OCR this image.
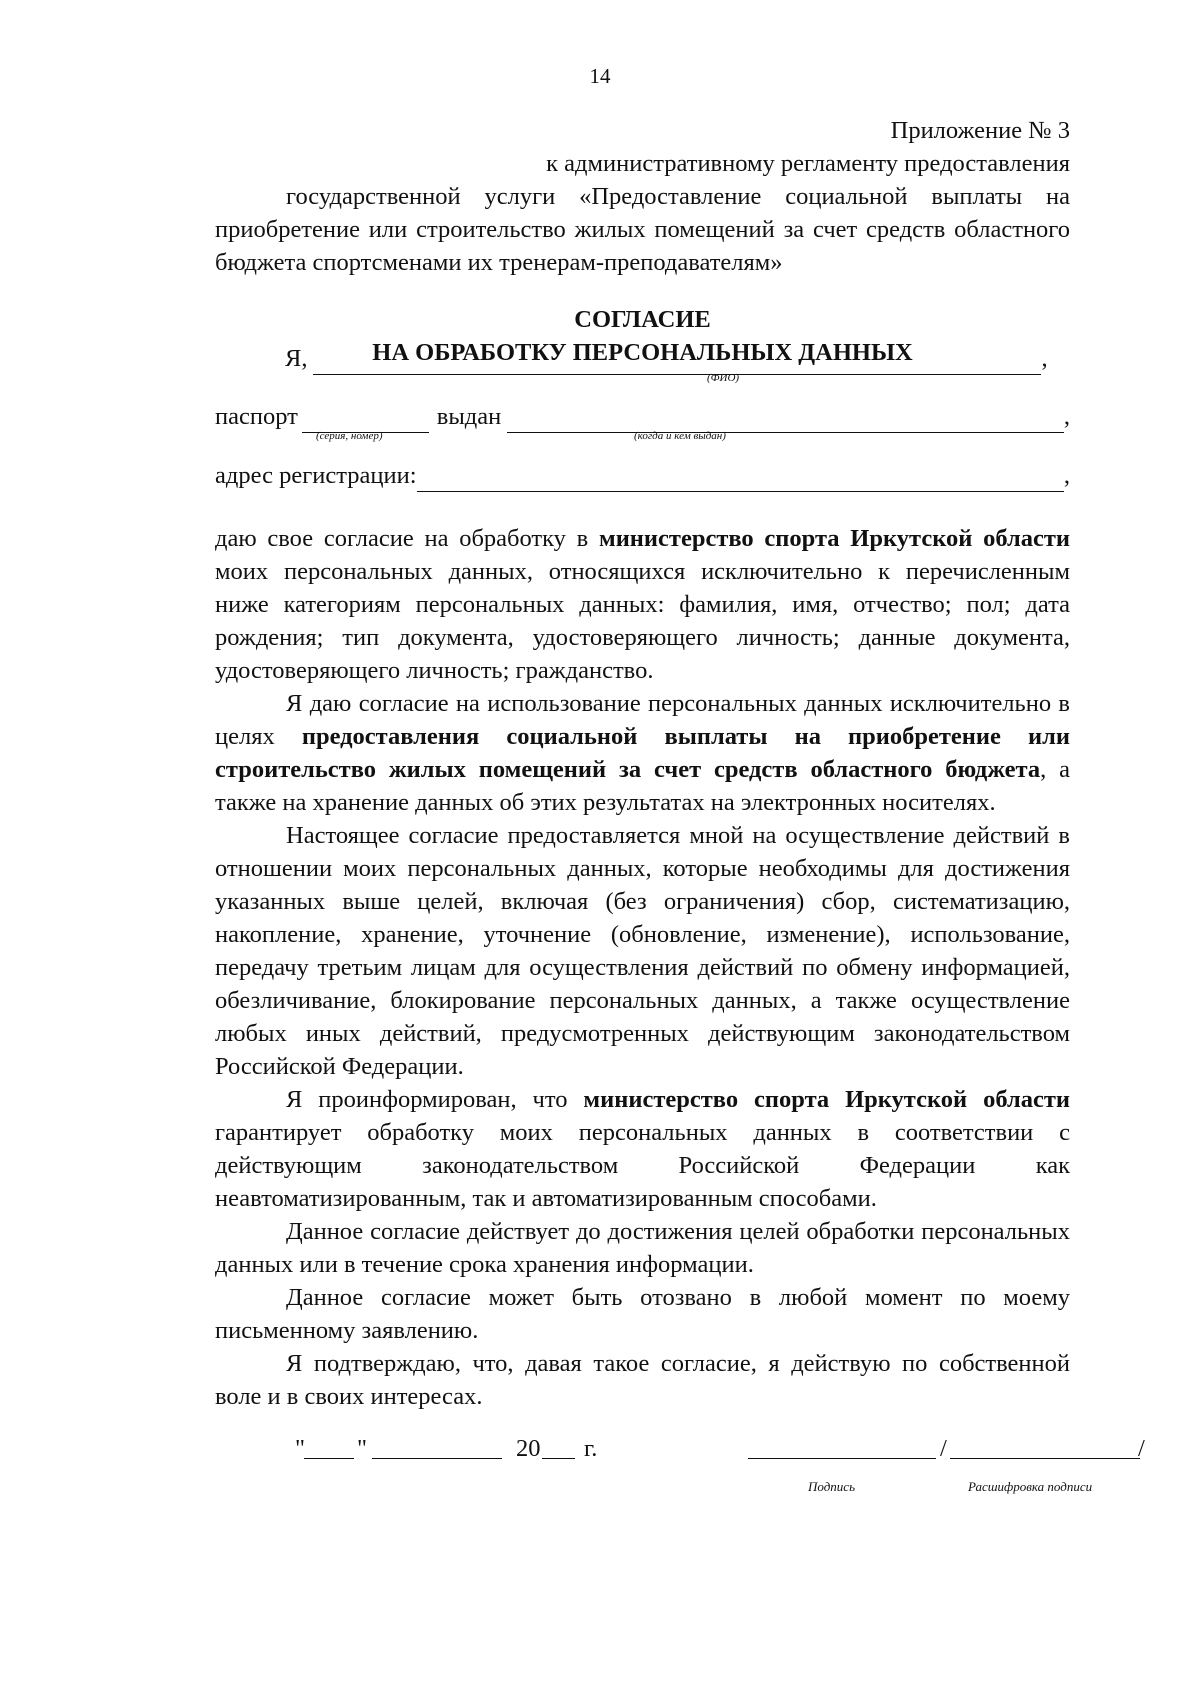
14
Приложение № 3
к административному регламенту предоставления

государственной услуги «Предоставление социальной выплаты на приобретение или строительство жилых помещений за счет средств областного бюджета спортсменами их тренерам-преподавателям»

СОГЛАСИЕ
НА ОБРАБОТКУ ПЕРСОНАЛЬНЫХ ДАННЫХ
Я,	,
(ФИО)
паспорт	выдан	,
(серия, номер)	(когда и кем выдан)
адрес регистрации:	,

даю свое согласие на обработку в министерство спорта Иркутской области моих персональных данных, относящихся исключительно к перечисленным ниже категориям персональных данных: фамилия, имя, отчество; пол; дата рождения; тип документа, удостоверяющего личность; данные документа, удостоверяющего личность; гражданство.

Я даю согласие на использование персональных данных исключительно в целях предоставления социальной выплаты на приобретение или строительство жилых помещений за счет средств областного бюджета, а также на хранение данных об этих результатах на электронных носителях.

Настоящее согласие предоставляется мной на осуществление действий в отношении моих персональных данных, которые необходимы для достижения указанных выше целей, включая (без ограничения) сбор, систематизацию, накопление, хранение, уточнение (обновление, изменение), использование, передачу третьим лицам для осуществления действий по обмену информацией, обезличивание, блокирование персональных данных, а также осуществление любых иных действий, предусмотренных действующим законодательством Российской Федерации.

Я проинформирован, что министерство спорта Иркутской области гарантирует обработку моих персональных данных в соответствии с действующим законодательством Российской Федерации как неавтоматизированным, так и автоматизированным способами.

Данное согласие действует до достижения целей обработки персональных данных или в течение срока хранения информации.

Данное согласие может быть отозвано в любой момент по моему письменному заявлению.

Я подтверждаю, что, давая такое согласие, я действую по собственной воле и в своих интересах.

" "	20 г.	/	/
Подпись	Расшифровка подписи
